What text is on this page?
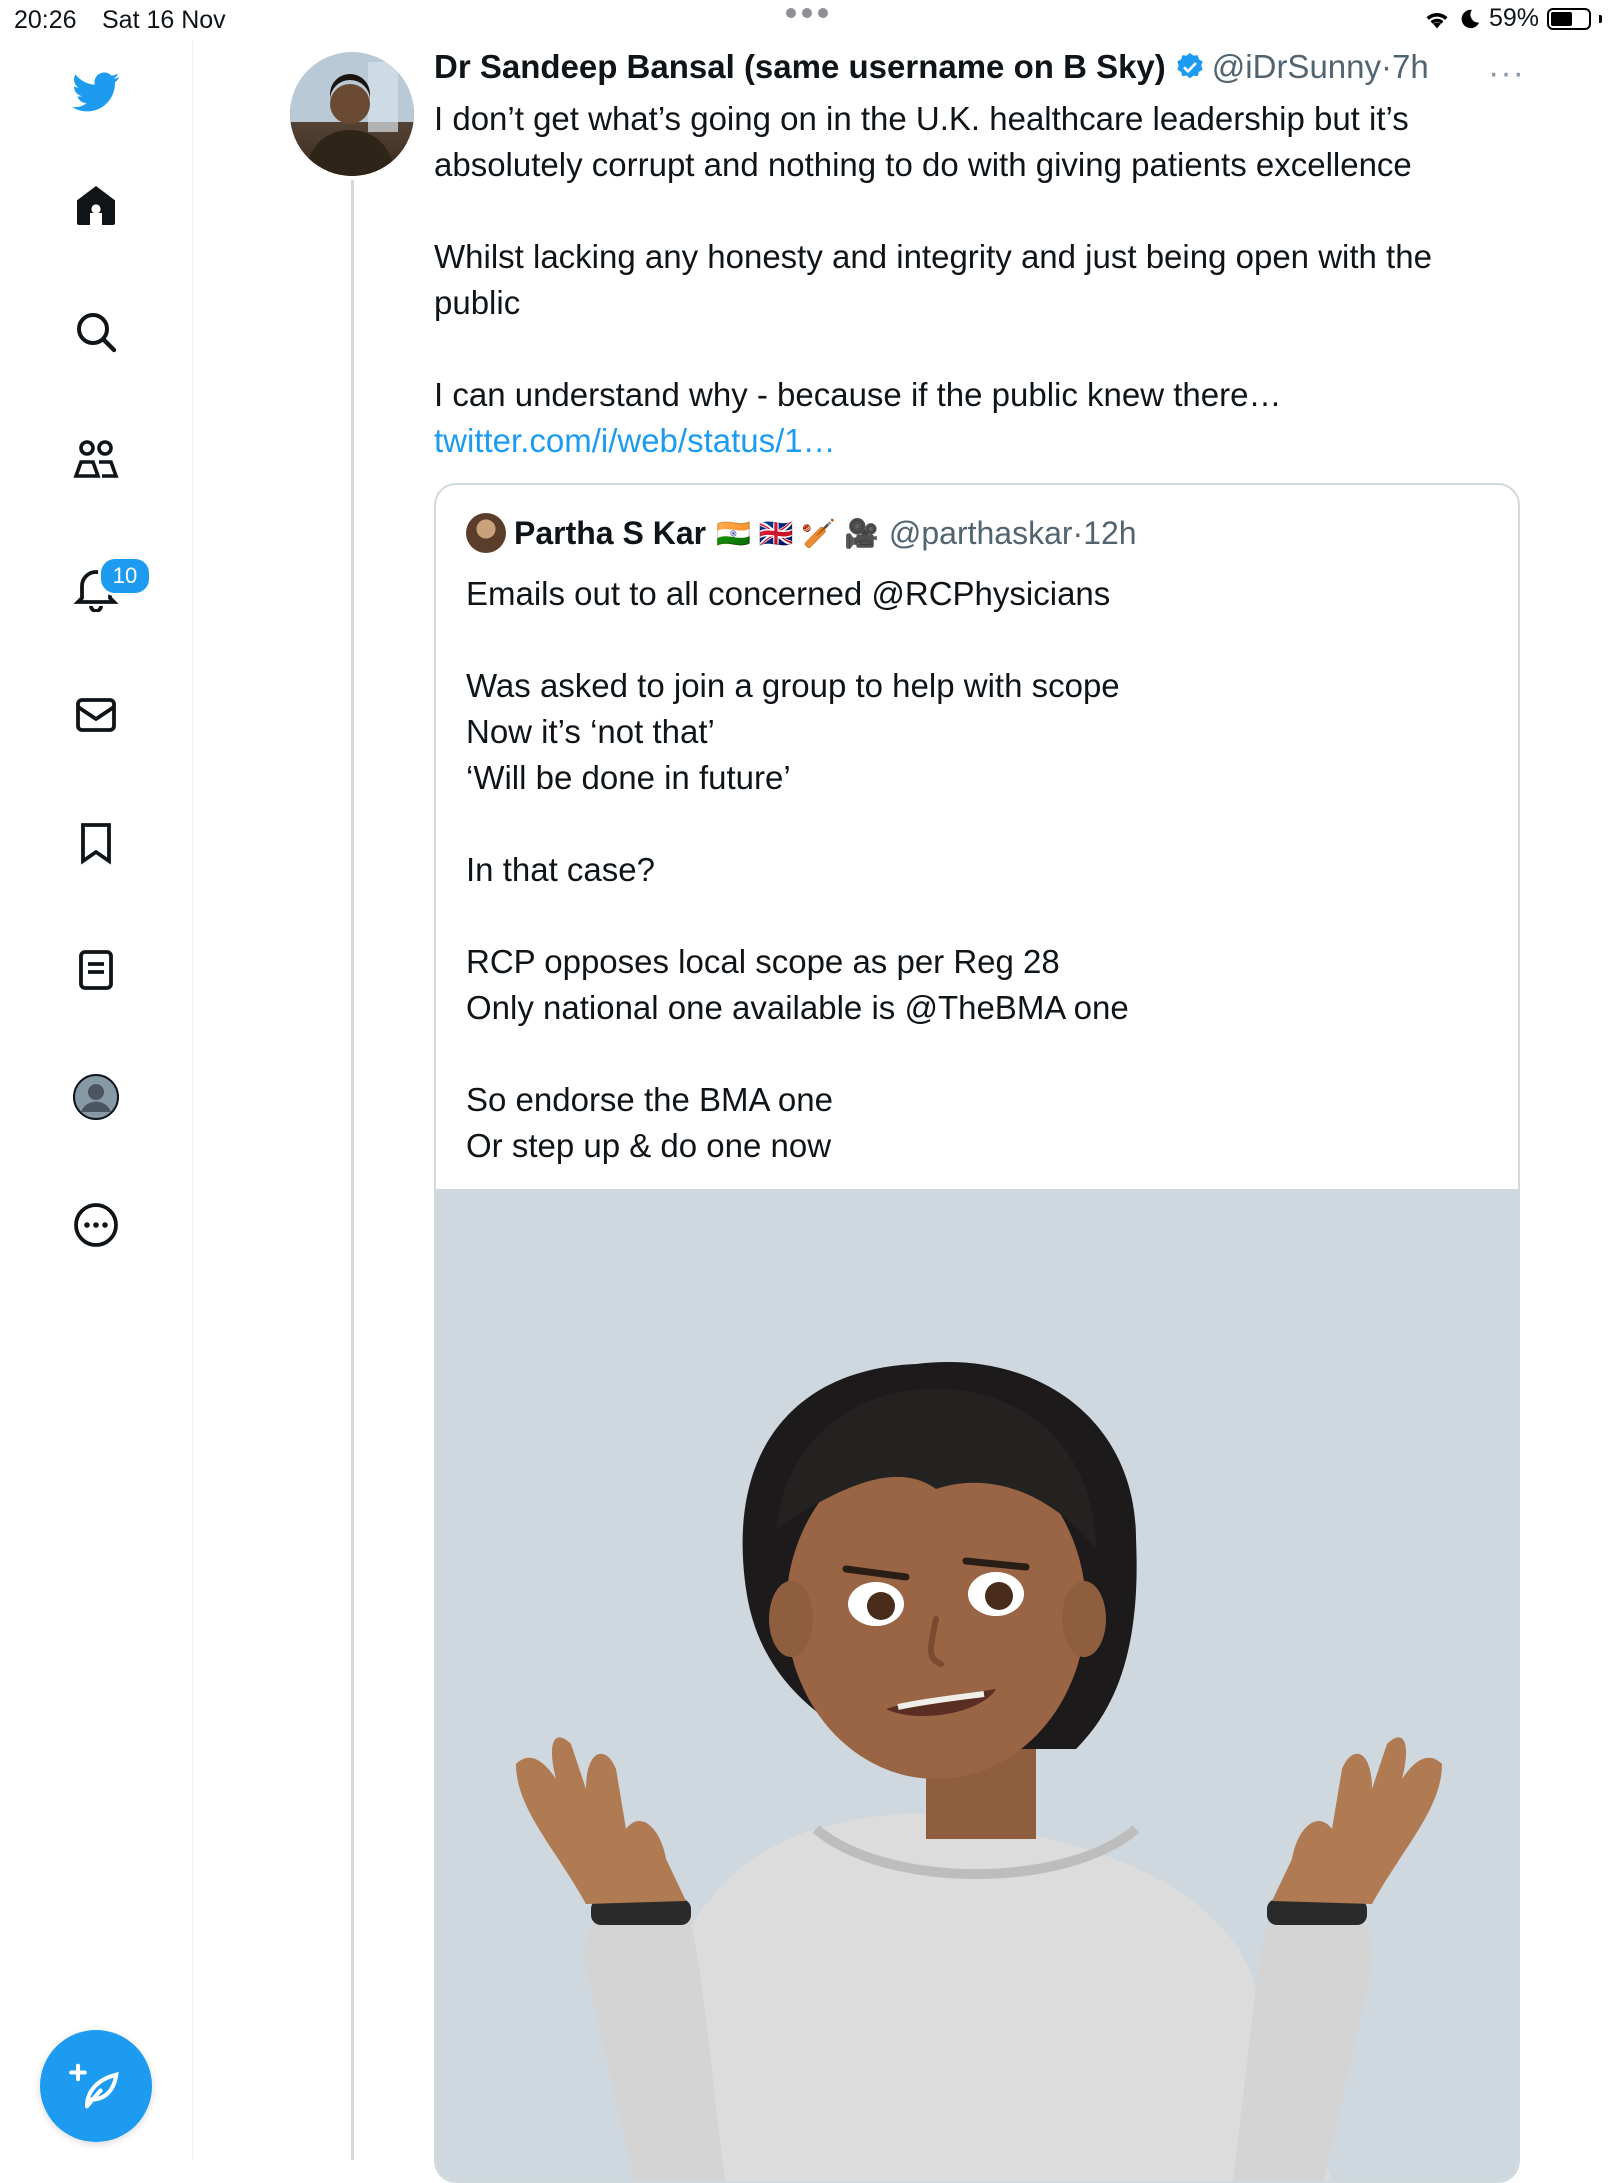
20:26 Sat 16 Nov	59%
10
Dr Sandeep Bansal (same username on B Sky) @iDrSunny · 7h ···

I don’t get what’s going on in the U.K. healthcare leadership but it’s absolutely corrupt and nothing to do with giving patients excellence

Whilst lacking any honesty and integrity and just being open with the public

I can understand why - because if the public knew there… twitter.com/i/web/status/1…

Partha S Kar 🇮🇳 🇬🇧 🏏 🎥 @parthaskar · 12h

Emails out to all concerned @RCPhysicians

Was asked to join a group to help with scope

Now it’s ‘not that’

‘Will be done in future’

In that case?

RCP opposes local scope as per Reg 28

Only national one available is @TheBMA one

So endorse the BMA one

Or step up & do one now
